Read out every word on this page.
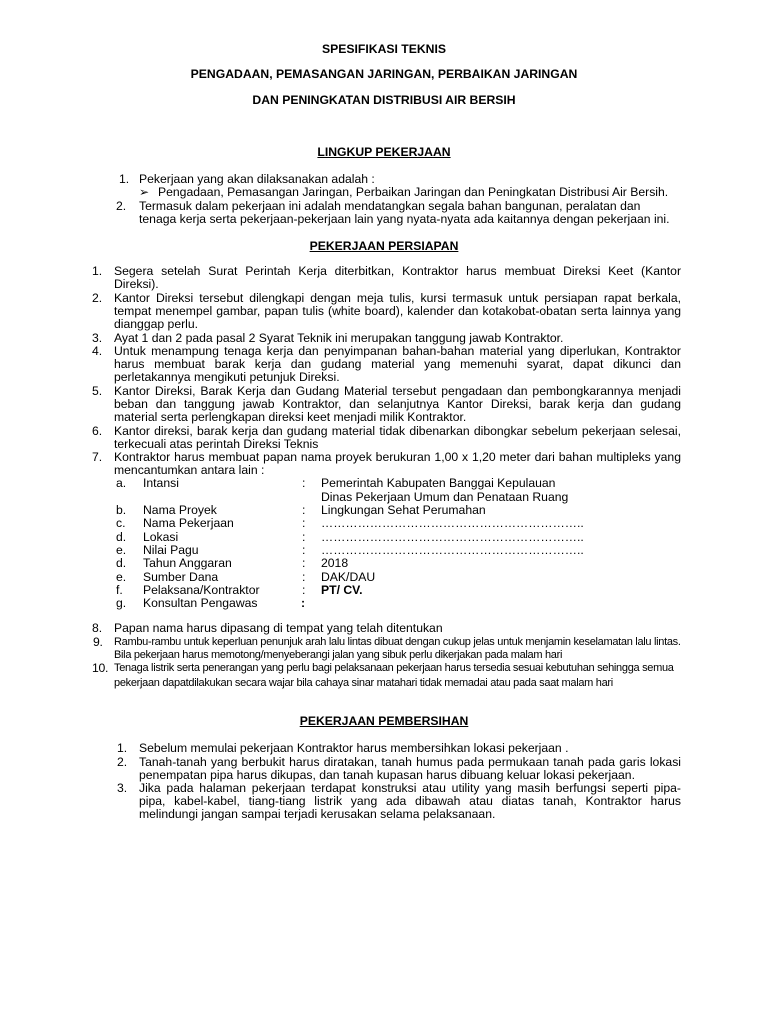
SPESIFIKASI TEKNIS
PENGADAAN, PEMASANGAN JARINGAN, PERBAIKAN JARINGAN
DAN PENINGKATAN DISTRIBUSI AIR BERSIH
LINGKUP PEKERJAAN
1. Pekerjaan yang akan dilaksanakan adalah :
➢ Pengadaan, Pemasangan Jaringan, Perbaikan Jaringan dan Peningkatan Distribusi Air Bersih.
2. Termasuk dalam pekerjaan ini adalah mendatangkan segala bahan bangunan, peralatan dan
tenaga kerja serta pekerjaan-pekerjaan lain yang nyata-nyata ada kaitannya dengan pekerjaan ini.
PEKERJAAN PERSIAPAN
1. Segera setelah Surat Perintah Kerja diterbitkan, Kontraktor harus membuat Direksi Keet (Kantor
Direksi).
2. Kantor Direksi tersebut dilengkapi dengan meja tulis, kursi termasuk untuk persiapan rapat berkala,
tempat menempel gambar, papan tulis (white board), kalender dan kotakobat-obatan serta lainnya yang
dianggap perlu.
3. Ayat 1 dan 2 pada pasal 2 Syarat Teknik ini merupakan tanggung jawab Kontraktor.
4. Untuk menampung tenaga kerja dan penyimpanan bahan-bahan material yang diperlukan, Kontraktor
harus membuat barak kerja dan gudang material yang memenuhi syarat, dapat dikunci dan
perletakannya mengikuti petunjuk Direksi.
5. Kantor Direksi, Barak Kerja dan Gudang Material tersebut pengadaan dan pembongkarannya menjadi
beban dan tanggung jawab Kontraktor, dan selanjutnya Kantor Direksi, barak kerja dan gudang
material serta perlengkapan direksi keet menjadi milik Kontraktor.
6. Kantor direksi, barak kerja dan gudang material tidak dibenarkan dibongkar sebelum pekerjaan selesai,
terkecuali atas perintah Direksi Teknis
7. Kontraktor harus membuat papan nama proyek berukuran 1,00 x 1,20 meter dari bahan multipleks yang
mencantumkan antara lain :
a. Intansi	: Pemerintah Kabupaten Banggai Kepulauan
Dinas Pekerjaan Umum dan Penataan Ruang
b. Nama Proyek	: Lingkungan Sehat Perumahan
c. Nama Pekerjaan	: ………………………………………………………..
d. Lokasi	: ………………………………………………………..
e. Nilai Pagu	: ………………………………………………………..
d. Tahun Anggaran	: 2018
e. Sumber Dana	: DAK/DAU
f. Pelaksana/Kontraktor	: PT/ CV.
g. Konsultan Pengawas	:
8. Papan nama harus dipasang di tempat yang telah ditentukan
9. Rambu-rambu untuk keperluan penunjuk arah lalu lintas dibuat dengan cukup jelas untuk menjamin keselamatan lalu lintas.
Bila pekerjaan harus memotong/menyeberangi jalan yang sibuk perlu dikerjakan pada malam hari
10. Tenaga listrik serta penerangan yang perlu bagi pelaksanaan pekerjaan harus tersedia sesuai kebutuhan sehingga semua
pekerjaan dapatdilakukan secara wajar bila cahaya sinar matahari tidak memadai atau pada saat malam hari
PEKERJAAN PEMBERSIHAN
1. Sebelum memulai pekerjaan Kontraktor harus membersihkan lokasi pekerjaan .
2. Tanah-tanah yang berbukit harus diratakan, tanah humus pada permukaan tanah pada garis lokasi
penempatan pipa harus dikupas, dan tanah kupasan harus dibuang keluar lokasi pekerjaan.
3. Jika pada halaman pekerjaan terdapat konstruksi atau utility yang masih berfungsi seperti pipa-
pipa, kabel-kabel, tiang-tiang listrik yang ada dibawah atau diatas tanah, Kontraktor harus
melindungi jangan sampai terjadi kerusakan selama pelaksanaan.
